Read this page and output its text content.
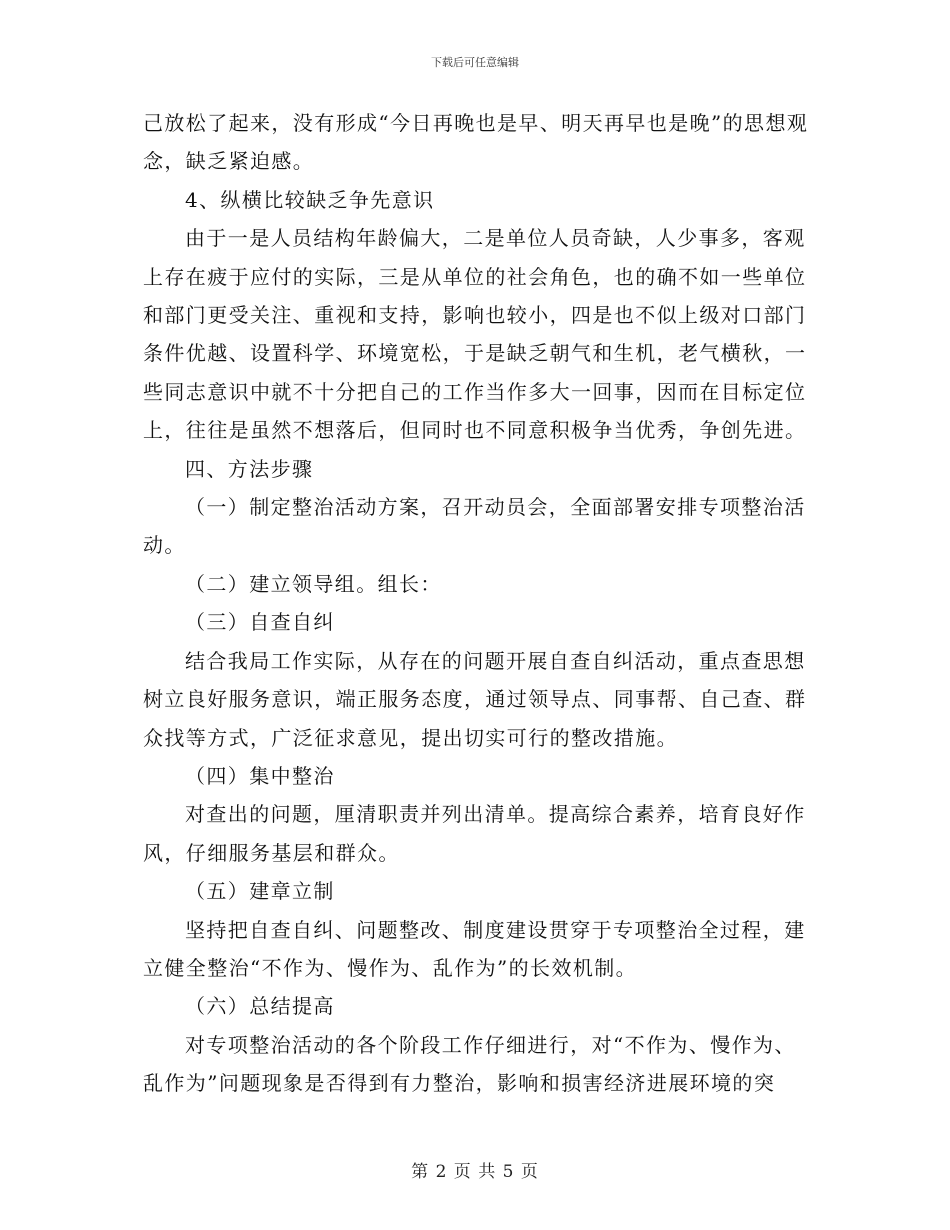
下载后可任意编辑

己放松了起来，没有形成“今日再晚也是早、明天再早也是晚”的思想观念，缺乏紧迫感。

4、纵横比较缺乏争先意识

由于一是人员结构年龄偏大，二是单位人员奇缺，人少事多，客观上存在疲于应付的实际，三是从单位的社会角色，也的确不如一些单位和部门更受关注、重视和支持，影响也较小，四是也不似上级对口部门条件优越、设置科学、环境宽松，于是缺乏朝气和生机，老气横秋，一些同志意识中就不十分把自己的工作当作多大一回事，因而在目标定位上，往往是虽然不想落后，但同时也不同意积极争当优秀，争创先进。

四、方法步骤

（一）制定整治活动方案，召开动员会，全面部署安排专项整治活动。

（二）建立领导组。组长：

（三）自查自纠

结合我局工作实际，从存在的问题开展自查自纠活动，重点查思想树立良好服务意识，端正服务态度，通过领导点、同事帮、自己查、群众找等方式，广泛征求意见，提出切实可行的整改措施。

（四）集中整治

对查出的问题，厘清职责并列出清单。提高综合素养，培育良好作风，仔细服务基层和群众。

（五）建章立制

坚持把自查自纠、问题整改、制度建设贯穿于专项整治全过程，建立健全整治“不作为、慢作为、乱作为”的长效机制。

（六）总结提高

对专项整治活动的各个阶段工作仔细进行，对“不作为、慢作为、乱作为”问题现象是否得到有力整治，影响和损害经济进展环境的突

第 2 页 共 5 页
